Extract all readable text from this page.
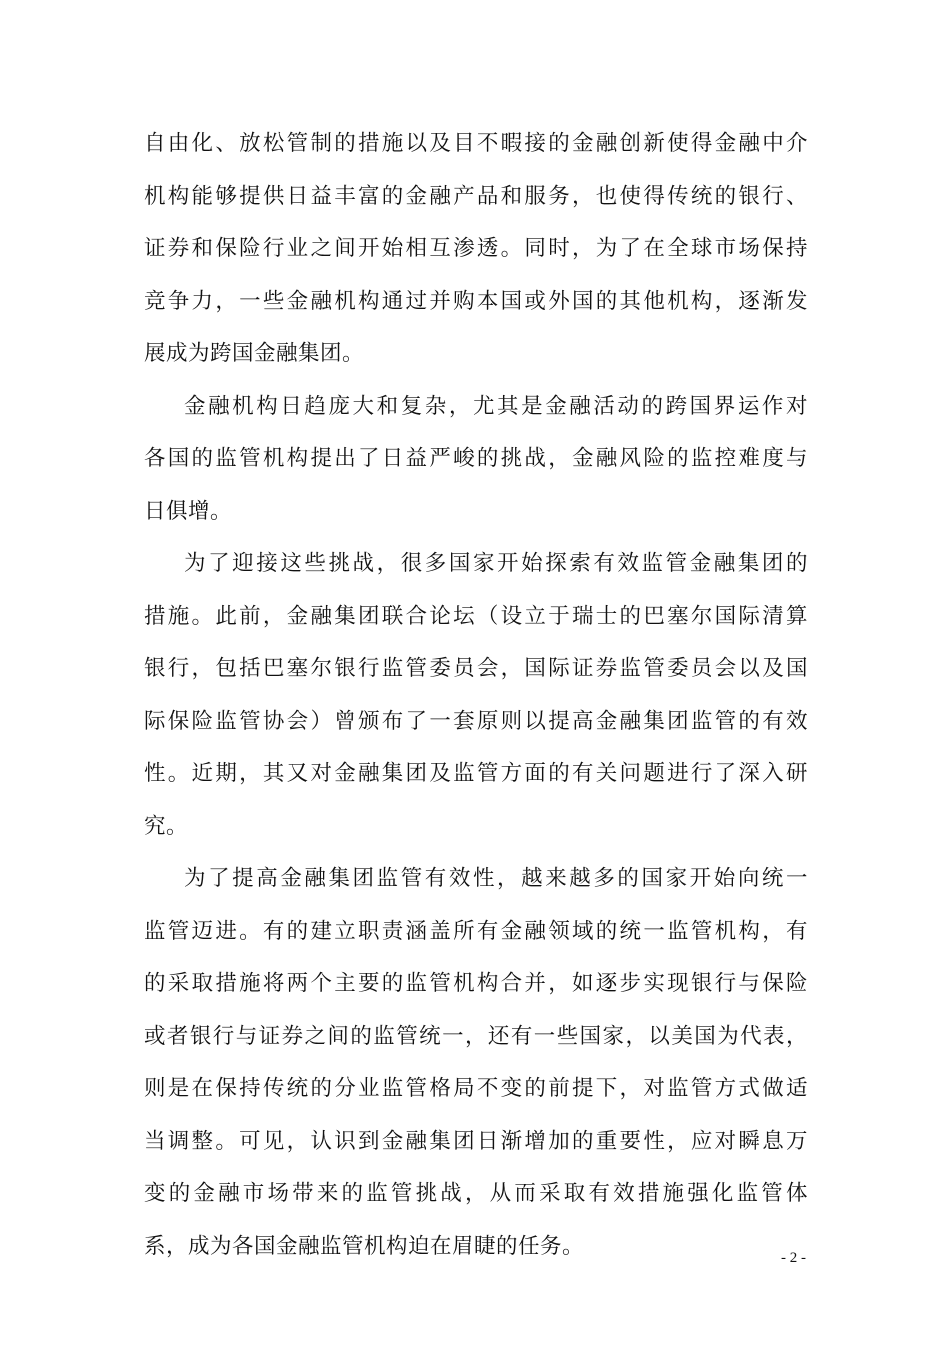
自由化、放松管制的措施以及目不暇接的金融创新使得金融中介
机构能够提供日益丰富的金融产品和服务，也使得传统的银行、
证券和保险行业之间开始相互渗透。同时，为了在全球市场保持
竞争力，一些金融机构通过并购本国或外国的其他机构，逐渐发
展成为跨国金融集团。
金融机构日趋庞大和复杂，尤其是金融活动的跨国界运作对
各国的监管机构提出了日益严峻的挑战，金融风险的监控难度与
日俱增。
为了迎接这些挑战，很多国家开始探索有效监管金融集团的
措施。此前，金融集团联合论坛（设立于瑞士的巴塞尔国际清算
银行，包括巴塞尔银行监管委员会，国际证券监管委员会以及国
际保险监管协会）曾颁布了一套原则以提高金融集团监管的有效
性。近期，其又对金融集团及监管方面的有关问题进行了深入研
究。
为了提高金融集团监管有效性，越来越多的国家开始向统一
监管迈进。有的建立职责涵盖所有金融领域的统一监管机构，有
的采取措施将两个主要的监管机构合并，如逐步实现银行与保险
或者银行与证券之间的监管统一，还有一些国家，以美国为代表，
则是在保持传统的分业监管格局不变的前提下，对监管方式做适
当调整。可见，认识到金融集团日渐增加的重要性，应对瞬息万
变的金融市场带来的监管挑战，从而采取有效措施强化监管体
系，成为各国金融监管机构迫在眉睫的任务。	- 2 -
